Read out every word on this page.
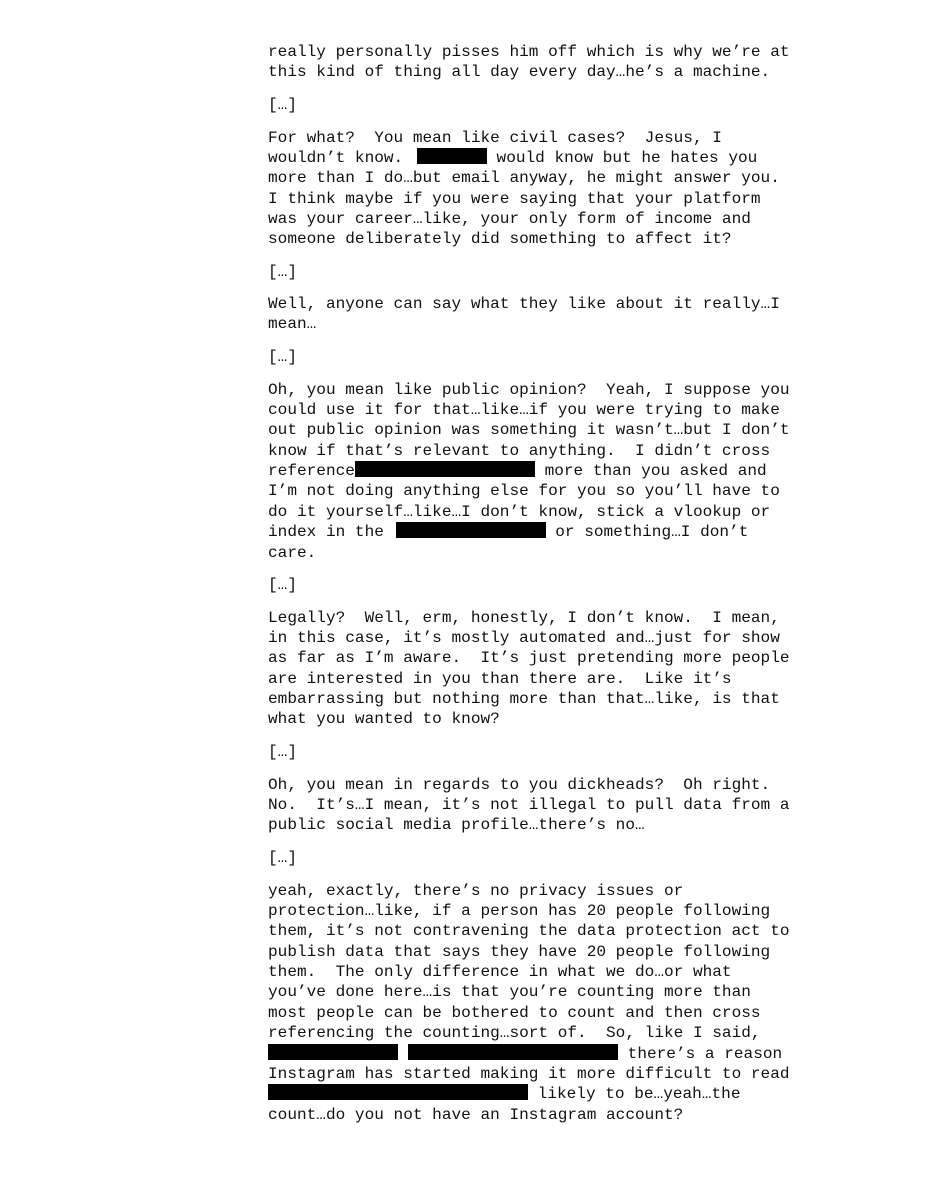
really personally pisses him off which is why we’re at
this kind of thing all day every day…he’s a machine.
[…]
For what?  You mean like civil cases?  Jesus, I
wouldn’t know.	would know but he hates you
more than I do…but email anyway, he might answer you.
I think maybe if you were saying that your platform
was your career…like, your only form of income and
someone deliberately did something to affect it?
[…]
Well, anyone can say what they like about it really…I
mean…
[…]
Oh, you mean like public opinion?  Yeah, I suppose you
could use it for that…like…if you were trying to make
out public opinion was something it wasn’t…but I don’t
know if that’s relevant to anything.  I didn’t cross
reference	more than you asked and
I’m not doing anything else for you so you’ll have to
do it yourself…like…I don’t know, stick a vlookup or
index in the	or something…I don’t
care.
[…]
Legally?  Well, erm, honestly, I don’t know.  I mean,
in this case, it’s mostly automated and…just for show
as far as I’m aware.  It’s just pretending more people
are interested in you than there are.  Like it’s
embarrassing but nothing more than that…like, is that
what you wanted to know?
[…]
Oh, you mean in regards to you dickheads?  Oh right.
No.  It’s…I mean, it’s not illegal to pull data from a
public social media profile…there’s no…
[…]
yeah, exactly, there’s no privacy issues or
protection…like, if a person has 20 people following
them, it’s not contravening the data protection act to
publish data that says they have 20 people following
them.  The only difference in what we do…or what
you’ve done here…is that you’re counting more than
most people can be bothered to count and then cross
referencing the counting…sort of.  So, like I said,
there’s a reason
Instagram has started making it more difficult to read
likely to be…yeah…the
count…do you not have an Instagram account?
